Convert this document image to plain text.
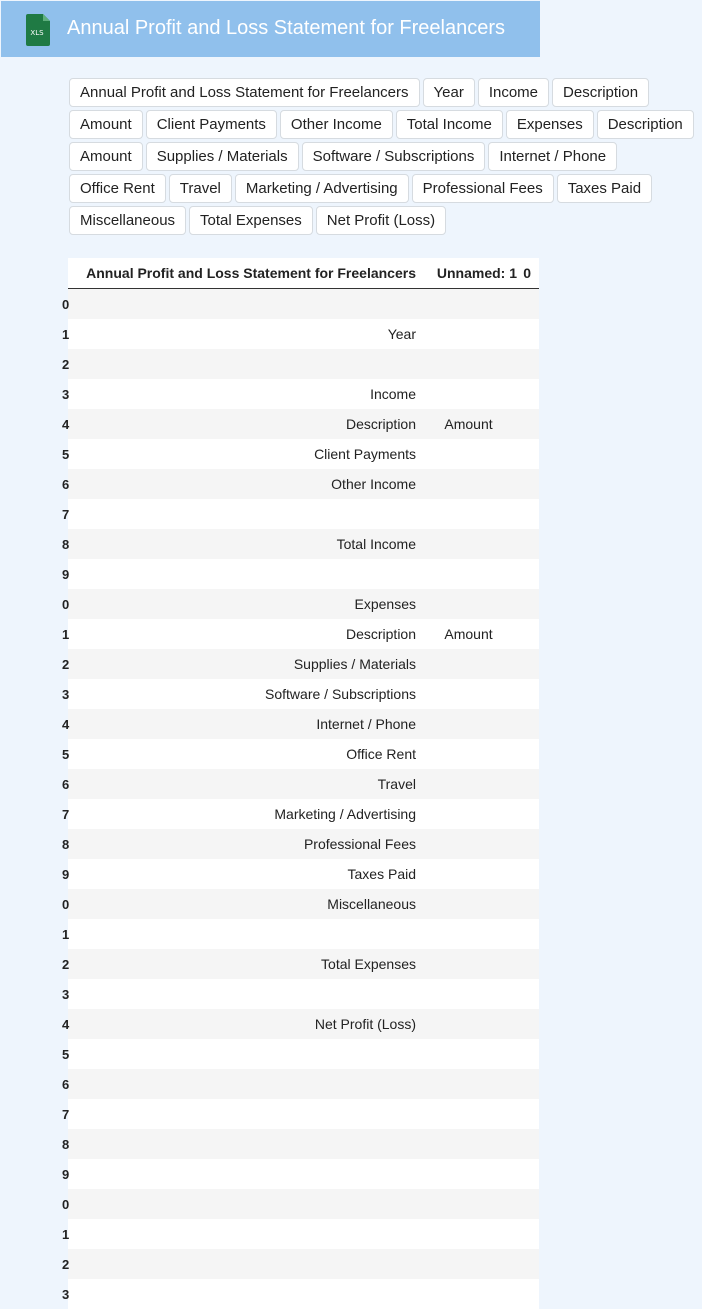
XLS Annual Profit and Loss Statement for Freelancers
Annual Profit and Loss Statement for Freelancers	Year	Income	Description
Amount	Client Payments	Other Income	Total Income	Expenses	Description
Amount	Supplies / Materials	Software / Subscriptions	Internet / Phone
Office Rent	Travel	Marketing / Advertising	Professional Fees	Taxes Paid
Miscellaneous	Total Expenses	Net Profit (Loss)
	Annual Profit and Loss Statement for Freelancers	Unnamed: 1	0
0			
1	Year		
2			
3	Income		
4	Description	Amount	
5	Client Payments		
6	Other Income		
7			
8	Total Income		
9			
0	Expenses		
1	Description	Amount	
2	Supplies / Materials		
3	Software / Subscriptions		
4	Internet / Phone		
5	Office Rent		
6	Travel		
7	Marketing / Advertising		
8	Professional Fees		
9	Taxes Paid		
0	Miscellaneous		
1			
2	Total Expenses		
3			
4	Net Profit (Loss)		
5			
6			
7			
8			
9			
0			
1			
2			
3			
